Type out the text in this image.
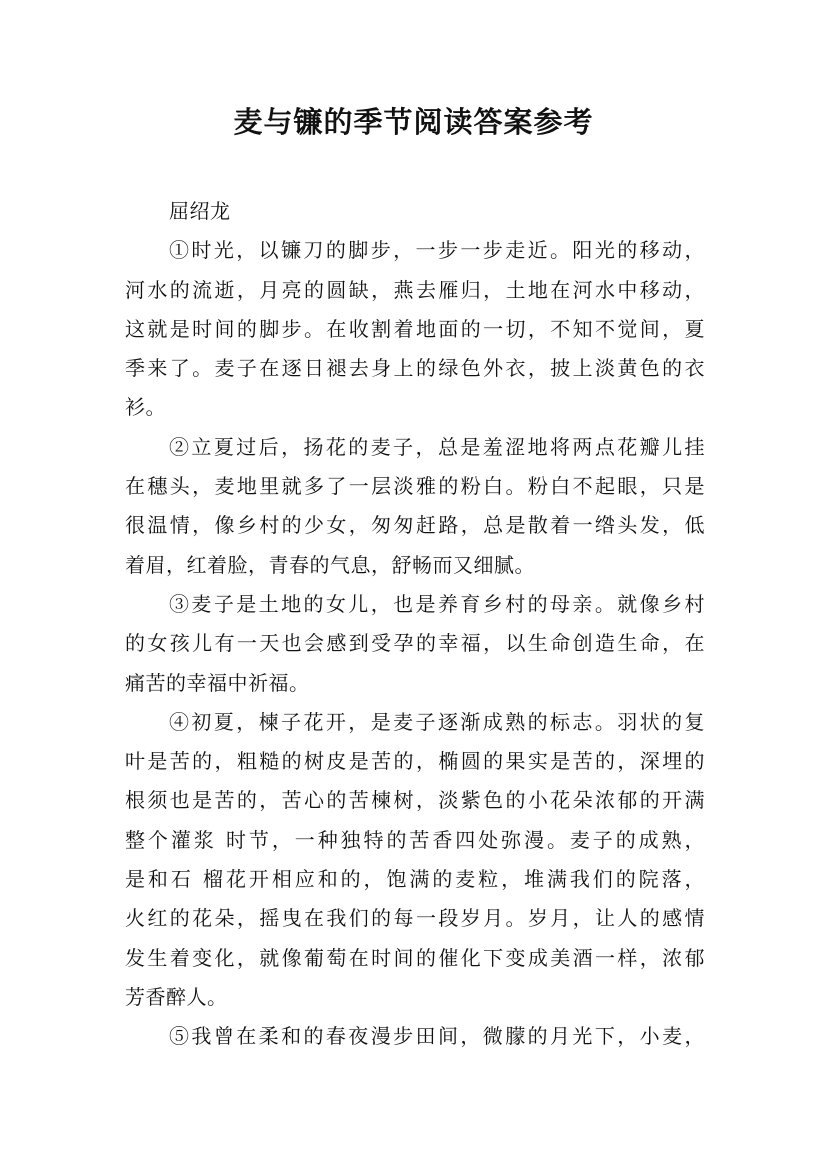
麦与镰的季节阅读答案参考
屈绍龙
①时光，以镰刀的脚步，一步一步走近。阳光的移动，
河水的流逝，月亮的圆缺，燕去雁归，土地在河水中移动，
这就是时间的脚步。在收割着地面的一切，不知不觉间，夏
季来了。麦子在逐日褪去身上的绿色外衣，披上淡黄色的衣
衫。
②立夏过后，扬花的麦子，总是羞涩地将两点花瓣儿挂
在穗头，麦地里就多了一层淡雅的粉白。粉白不起眼，只是
很温情，像乡村的少女，匆匆赶路，总是散着一绺头发，低
着眉，红着脸，青春的气息，舒畅而又细腻。
③麦子是土地的女儿，也是养育乡村的母亲。就像乡村
的女孩儿有一天也会感到受孕的幸福，以生命创造生命，在
痛苦的幸福中祈福。
④初夏，楝子花开，是麦子逐渐成熟的标志。羽状的复
叶是苦的，粗糙的树皮是苦的，椭圆的果实是苦的，深埋的
根须也是苦的，苦心的苦楝树，淡紫色的小花朵浓郁的开满
整个灌浆 时节，一种独特的苦香四处弥漫。麦子的成熟，
是和石 榴花开相应和的，饱满的麦粒，堆满我们的院落，
火红的花朵，摇曳在我们的每一段岁月。岁月，让人的感情
发生着变化，就像葡萄在时间的催化下变成美酒一样，浓郁
芳香醉人。
⑤我曾在柔和的春夜漫步田间，微朦的月光下，小麦，
